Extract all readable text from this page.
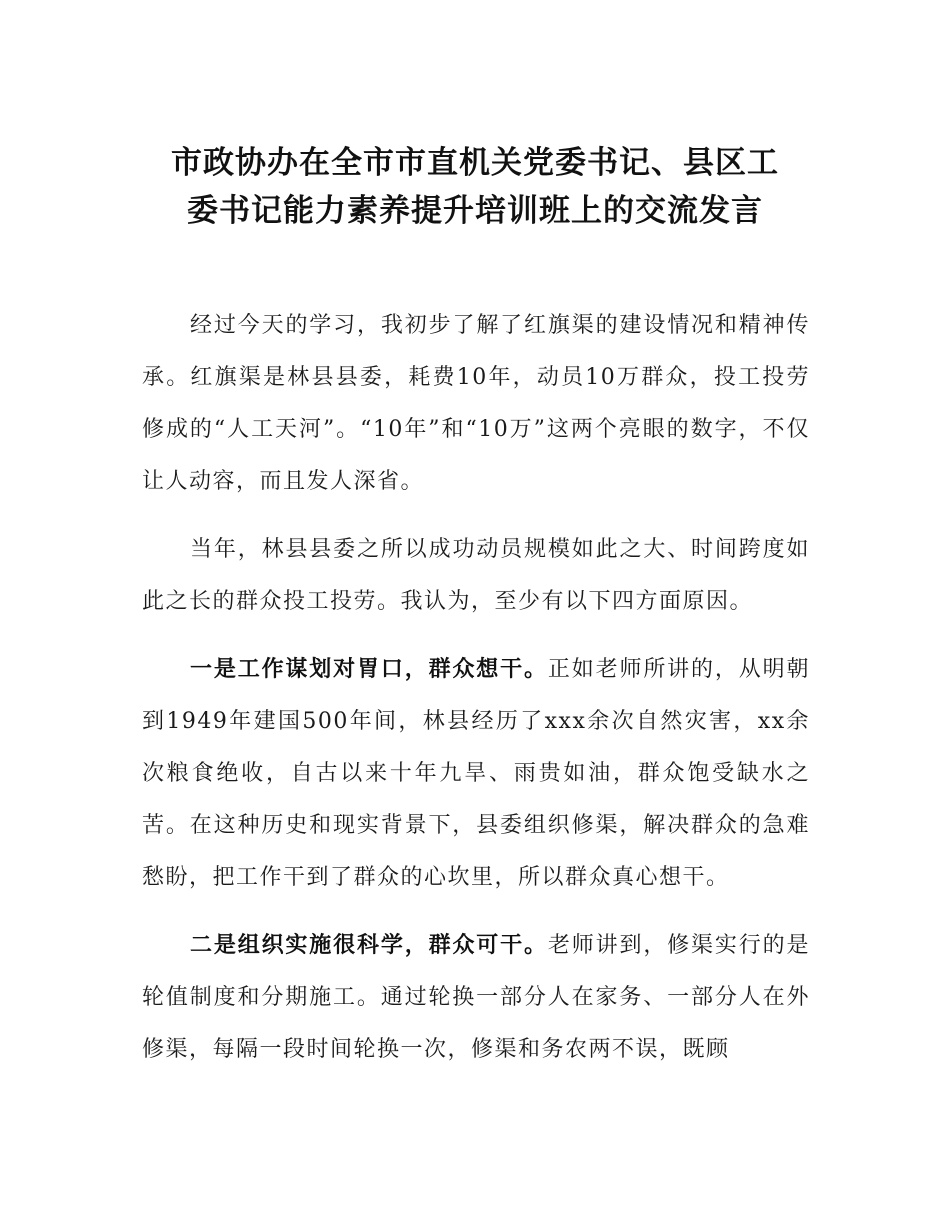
市政协办在全市市直机关党委书记、县区工
委书记能力素养提升培训班上的交流发言

经过今天的学习，我初步了解了红旗渠的建设情况和精神传承。红旗渠是林县县委，耗费10年，动员10万群众，投工投劳修成的“人工天河”。“10年”和“10万”这两个亮眼的数字，不仅让人动容，而且发人深省。

当年，林县县委之所以成功动员规模如此之大、时间跨度如此之长的群众投工投劳。我认为，至少有以下四方面原因。

一是工作谋划对胃口，群众想干。正如老师所讲的，从明朝到1949年建国500年间，林县经历了xxx余次自然灾害，xx余次粮食绝收，自古以来十年九旱、雨贵如油，群众饱受缺水之苦。在这种历史和现实背景下，县委组织修渠，解决群众的急难愁盼，把工作干到了群众的心坎里，所以群众真心想干。

二是组织实施很科学，群众可干。老师讲到，修渠实行的是轮值制度和分期施工。通过轮换一部分人在家务、一部分人在外修渠，每隔一段时间轮换一次，修渠和务农两不误，既顾
